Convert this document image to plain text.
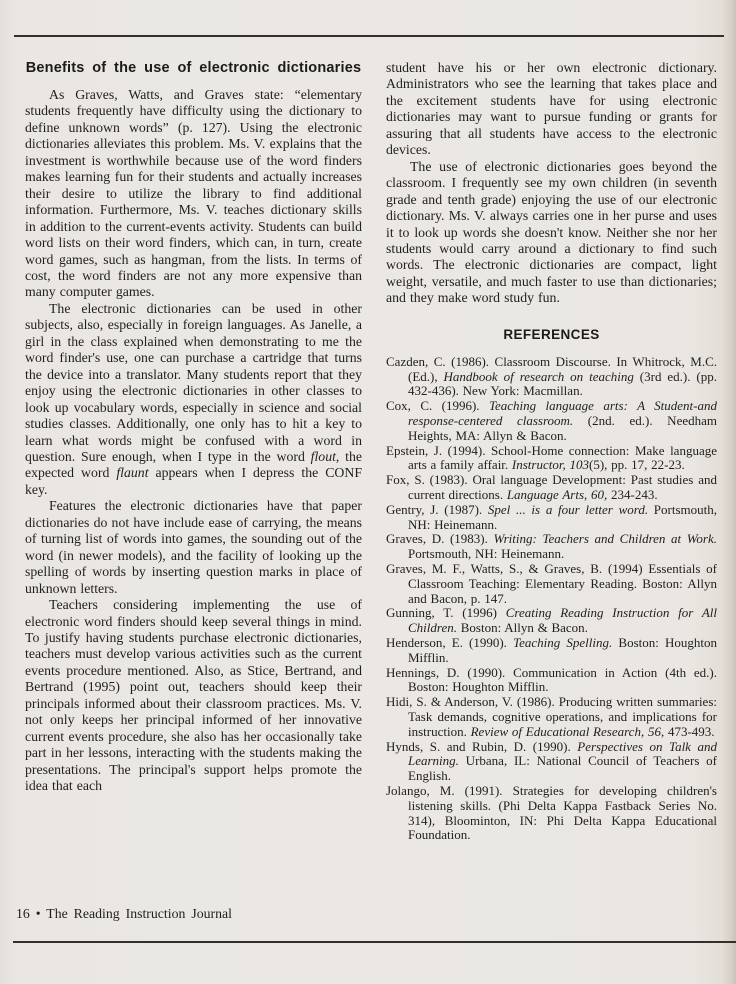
Benefits of the use of electronic dictionaries

As Graves, Watts, and Graves state: “elementary students frequently have difficulty using the dictionary to define unknown words” (p. 127). Using the electronic dictionaries alleviates this problem. Ms. V. explains that the investment is worthwhile because use of the word finders makes learning fun for their students and actually increases their desire to utilize the library to find additional information. Furthermore, Ms. V. teaches dictionary skills in addition to the current-events activity. Students can build word lists on their word finders, which can, in turn, create word games, such as hangman, from the lists. In terms of cost, the word finders are not any more expensive than many computer games.

The electronic dictionaries can be used in other subjects, also, especially in foreign languages. As Janelle, a girl in the class explained when demonstrating to me the word finder's use, one can purchase a cartridge that turns the device into a translator. Many students report that they enjoy using the electronic dictionaries in other classes to look up vocabulary words, especially in science and social studies classes. Additionally, one only has to hit a key to learn what words might be confused with a word in question. Sure enough, when I type in the word flout, the expected word flaunt appears when I depress the CONF key.

Features the electronic dictionaries have that paper dictionaries do not have include ease of carrying, the means of turning list of words into games, the sounding out of the word (in newer models), and the facility of looking up the spelling of words by inserting question marks in place of unknown letters.

Teachers considering implementing the use of electronic word finders should keep several things in mind. To justify having students purchase electronic dictionaries, teachers must develop various activities such as the current events procedure mentioned. Also, as Stice, Bertrand, and Bertrand (1995) point out, teachers should keep their principals informed about their classroom practices. Ms. V. not only keeps her principal informed of her innovative current events procedure, she also has her occasionally take part in her lessons, interacting with the students making the presentations. The principal's support helps promote the idea that each

student have his or her own electronic dictionary. Administrators who see the learning that takes place and the excitement students have for using electronic dictionaries may want to pursue funding or grants for assuring that all students have access to the electronic devices.

The use of electronic dictionaries goes beyond the classroom. I frequently see my own children (in seventh grade and tenth grade) enjoying the use of our electronic dictionary. Ms. V. always carries one in her purse and uses it to look up words she doesn't know. Neither she nor her students would carry around a dictionary to find such words. The electronic dictionaries are compact, light weight, versatile, and much faster to use than dictionaries; and they make word study fun.

REFERENCES

Cazden, C. (1986). Classroom Discourse. In Whitrock, M.C. (Ed.), Handbook of research on teaching (3rd ed.). (pp. 432-436). New York: Macmillan.

Cox, C. (1996). Teaching language arts: A Student-and response-centered classroom. (2nd. ed.). Needham Heights, MA: Allyn & Bacon.

Epstein, J. (1994). School-Home connection: Make language arts a family affair. Instructor, 103(5), pp. 17, 22-23.

Fox, S. (1983). Oral language Development: Past studies and current directions. Language Arts, 60, 234-243.

Gentry, J. (1987). Spel ... is a four letter word. Portsmouth, NH: Heinemann.

Graves, D. (1983). Writing: Teachers and Children at Work. Portsmouth, NH: Heinemann.

Graves, M. F., Watts, S., & Graves, B. (1994) Essentials of Classroom Teaching: Elementary Reading. Boston: Allyn and Bacon, p. 147.

Gunning, T. (1996) Creating Reading Instruction for All Children. Boston: Allyn & Bacon.

Henderson, E. (1990). Teaching Spelling. Boston: Houghton Mifflin.

Hennings, D. (1990). Communication in Action (4th ed.). Boston: Houghton Mifflin.

Hidi, S. & Anderson, V. (1986). Producing written summaries: Task demands, cognitive operations, and implications for instruction. Review of Educational Research, 56, 473-493.

Hynds, S. and Rubin, D. (1990). Perspectives on Talk and Learning. Urbana, IL: National Council of Teachers of English.

Jolango, M. (1991). Strategies for developing children's listening skills. (Phi Delta Kappa Fastback Series No. 314), Bloominton, IN: Phi Delta Kappa Educational Foundation.

16 • The Reading Instruction Journal
